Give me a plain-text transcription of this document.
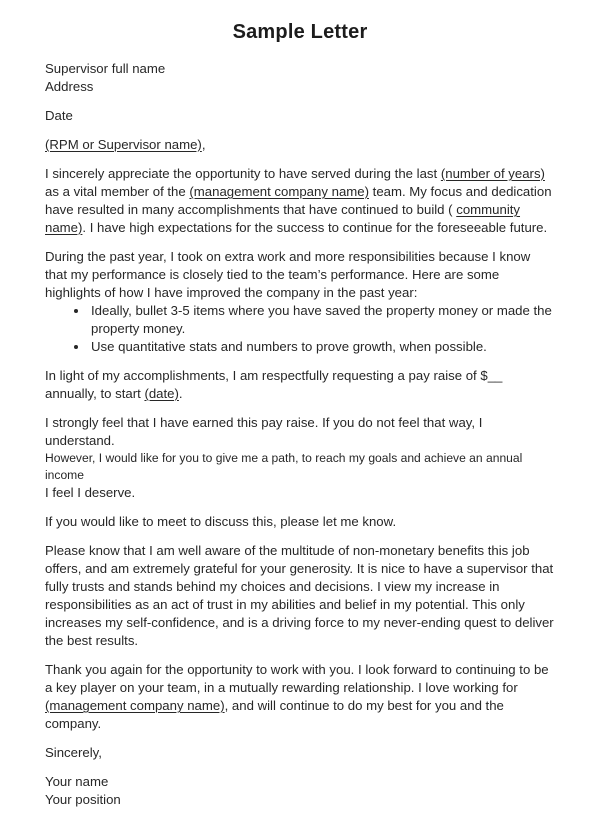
Sample Letter
Supervisor full name
Address
Date

(RPM or Supervisor name),

I sincerely appreciate the opportunity to have served during the last (number of years) as a vital member of the (management company name) team. My focus and dedication have resulted in many accomplishments that have continued to build ( community name). I have high expectations for the success to continue for the foreseeable future.

During the past year, I took on extra work and more responsibilities because I know that my performance is closely tied to the team’s performance. Here are some highlights of how I have improved the company in the past year:
• Ideally, bullet 3-5 items where you have saved the property money or made the property money.
• Use quantitative stats and numbers to prove growth, when possible.

In light of my accomplishments, I am respectfully requesting a pay raise of $__ annually, to start (date).

I strongly feel that I have earned this pay raise. If you do not feel that way, I understand.
However, I would like for you to give me a path, to reach my goals and achieve an annual income
I feel I deserve.

If you would like to meet to discuss this, please let me know.

Please know that I am well aware of the multitude of non-monetary benefits this job offers, and am extremely grateful for your generosity. It is nice to have a supervisor that fully trusts and stands behind my choices and decisions. I view my increase in responsibilities as an act of trust in my abilities and belief in my potential. This only increases my self-confidence, and is a driving force to my never-ending quest to deliver the best results.

Thank you again for the opportunity to work with you. I look forward to continuing to be a key player on your team, in a mutually rewarding relationship. I love working for (management company name), and will continue to do my best for you and the company.

Sincerely,

Your name
Your position
